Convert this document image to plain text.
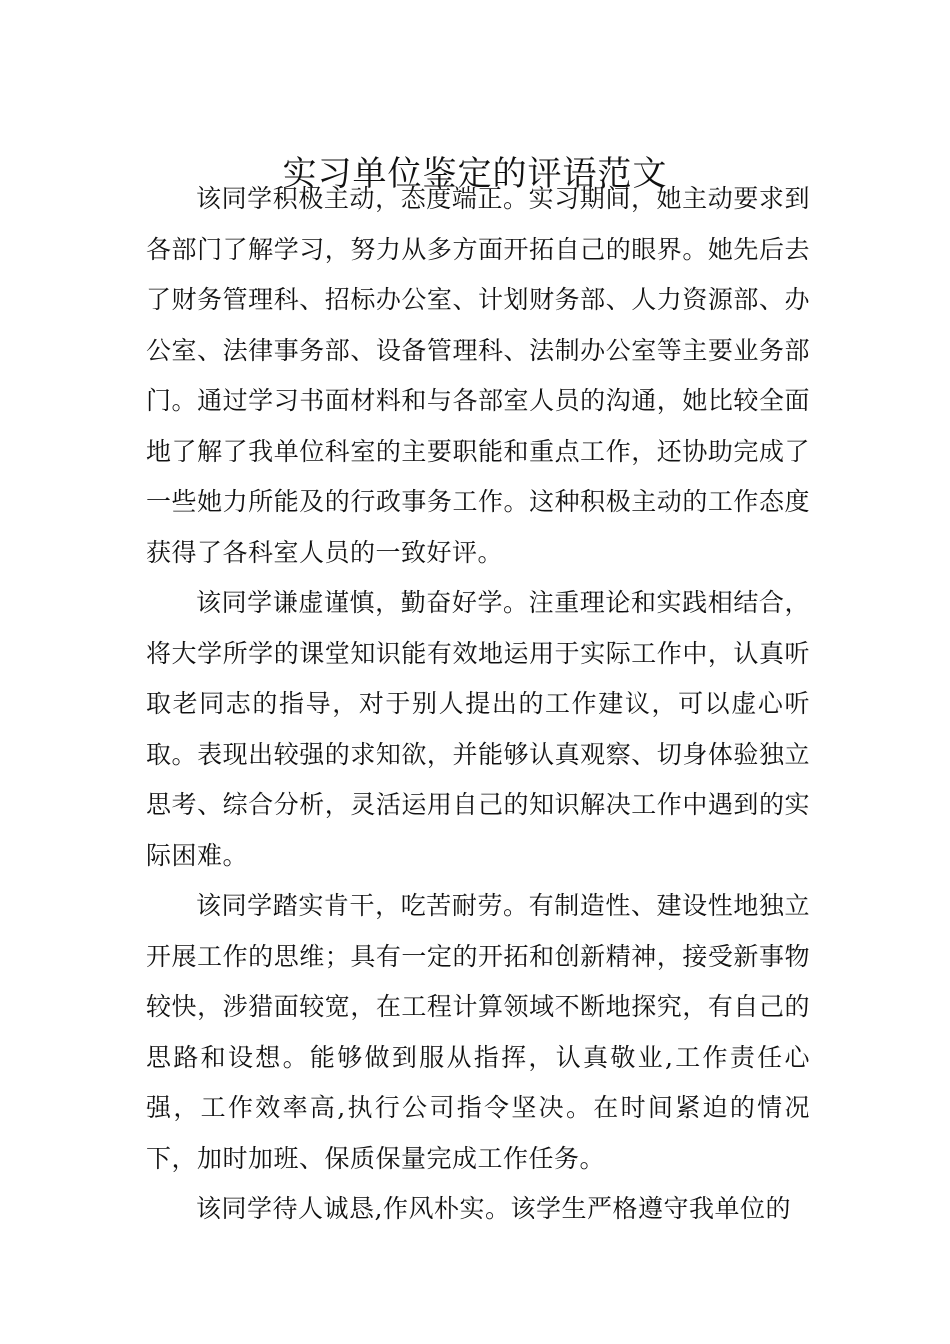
实习单位鉴定的评语范文

该同学积极主动，态度端正。实习期间，她主动要求到各部门了解学习，努力从多方面开拓自己的眼界。她先后去了财务管理科、招标办公室、计划财务部、人力资源部、办公室、法律事务部、设备管理科、法制办公室等主要业务部门。通过学习书面材料和与各部室人员的沟通，她比较全面地了解了我单位科室的主要职能和重点工作，还协助完成了一些她力所能及的行政事务工作。这种积极主动的工作态度获得了各科室人员的一致好评。

该同学谦虚谨慎，勤奋好学。注重理论和实践相结合，将大学所学的课堂知识能有效地运用于实际工作中，认真听取老同志的指导，对于别人提出的工作建议，可以虚心听取。表现出较强的求知欲，并能够认真观察、切身体验独立思考、综合分析，灵活运用自己的知识解决工作中遇到的实际困难。

该同学踏实肯干，吃苦耐劳。有制造性、建设性地独立开展工作的思维；具有一定的开拓和创新精神，接受新事物较快，涉猎面较宽，在工程计算领域不断地探究，有自己的思路和设想。能够做到服从指挥，认真敬业,工作责任心强，工作效率高,执行公司指令坚决。在时间紧迫的情况下，加时加班、保质保量完成工作任务。

该同学待人诚恳,作风朴实。该学生严格遵守我单位的
